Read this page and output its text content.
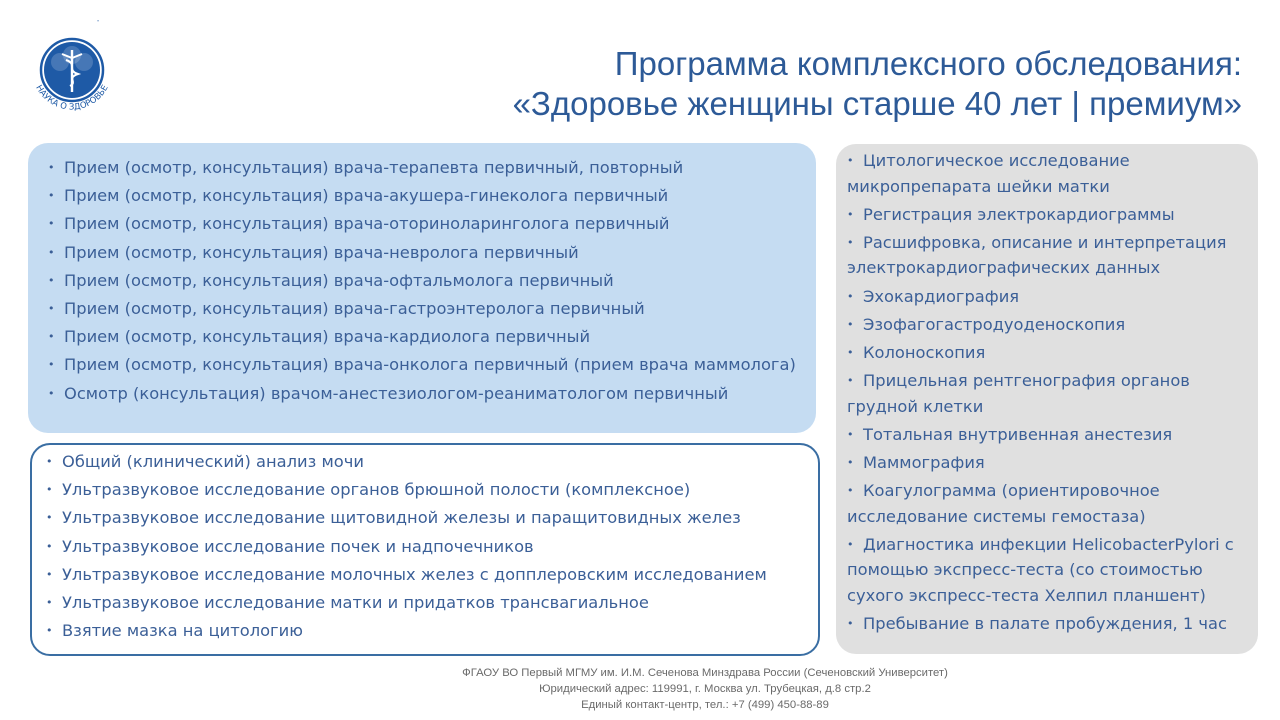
НАУКА О ЗДОРОВЬЕ
Программа комплексного обследования:
«Здоровье женщины старше 40 лет | премиум»
• Прием (осмотр, консультация) врача-терапевта первичный, повторный
• Прием (осмотр, консультация) врача-акушера-гинеколога первичный
• Прием (осмотр, консультация) врача-оториноларинголога первичный
• Прием (осмотр, консультация) врача-невролога первичный
• Прием (осмотр, консультация) врача-офтальмолога первичный
• Прием (осмотр, консультация) врача-гастроэнтеролога первичный
• Прием (осмотр, консультация) врача-кардиолога первичный
• Прием (осмотр, консультация) врача-онколога первичный (прием врача маммолога)
• Осмотр (консультация) врачом-анестезиологом-реаниматологом первичный
• Общий (клинический) анализ мочи
• Ультразвуковое исследование органов брюшной полости (комплексное)
• Ультразвуковое исследование щитовидной железы и паращитовидных желез
• Ультразвуковое исследование почек и надпочечников
• Ультразвуковое исследование молочных желез с допплеровским исследованием
• Ультразвуковое исследование матки и придатков трансвагиальное
• Взятие мазка на цитологию
• Цитологическое исследование микропрепарата шейки матки
• Регистрация электрокардиограммы
• Расшифровка, описание и интерпретация электрокардиографических данных
• Эхокардиография
• Эзофагогастродуоденоскопия
• Колоноскопия
• Прицельная рентгенография органов грудной клетки
• Тотальная внутривенная анестезия
• Маммография
• Коагулограмма (ориентировочное исследование системы гемостаза)
• Диагностика инфекции HelicobacterPylori с помощью экспресс-теста (со стоимостью сухого экспресс-теста Хелпил планшент)
• Пребывание в палате пробуждения, 1 час
ФГАОУ ВО Первый МГМУ им. И.М. Сеченова Минздрава России (Сеченовский Университет)
Юридический адрес: 119991, г. Москва ул. Трубецкая, д.8 стр.2
Единый контакт-центр, тел.: +7 (499) 450-88-89
